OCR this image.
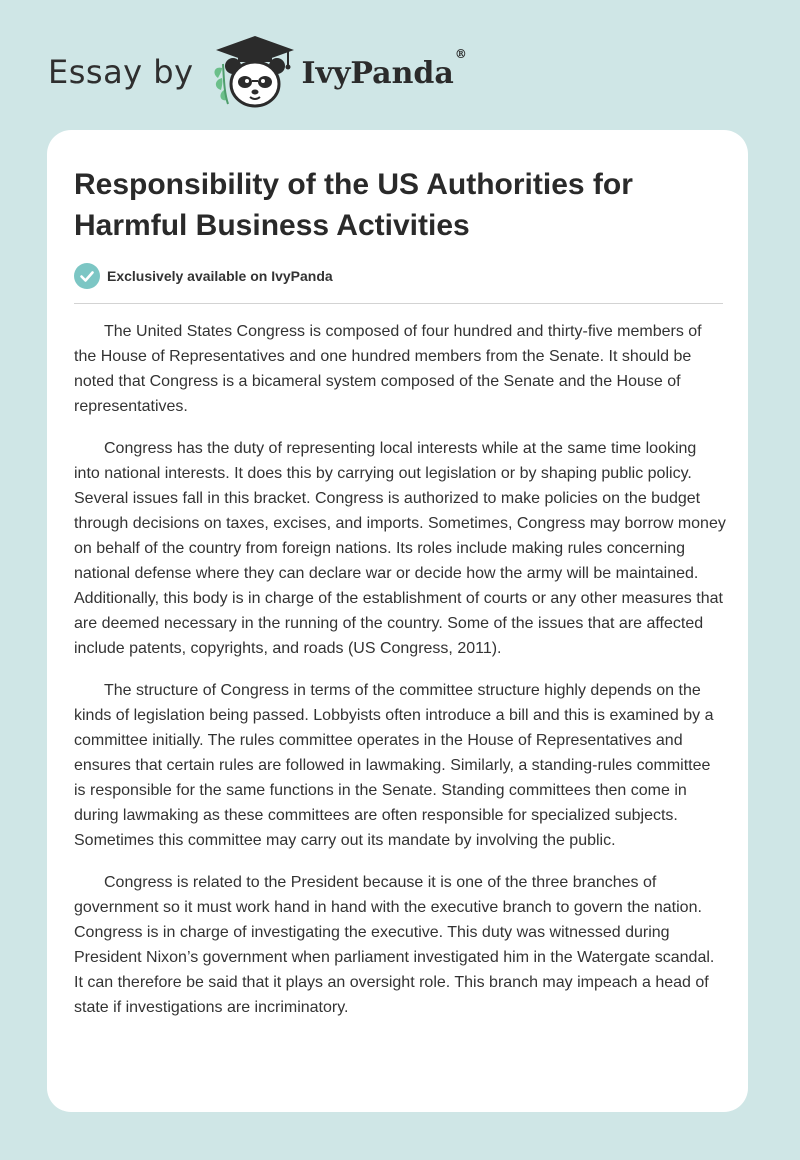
Essay by	IvyPanda®
Responsibility of the US Authorities for Harmful Business Activities
Exclusively available on IvyPanda

The United States Congress is composed of four hundred and thirty-five members of the House of Representatives and one hundred members from the Senate. It should be noted that Congress is a bicameral system composed of the Senate and the House of representatives.

Congress has the duty of representing local interests while at the same time looking into national interests. It does this by carrying out legislation or by shaping public policy. Several issues fall in this bracket. Congress is authorized to make policies on the budget through decisions on taxes, excises, and imports. Sometimes, Congress may borrow money on behalf of the country from foreign nations. Its roles include making rules concerning national defense where they can declare war or decide how the army will be maintained. Additionally, this body is in charge of the establishment of courts or any other measures that are deemed necessary in the running of the country. Some of the issues that are affected include patents, copyrights, and roads (US Congress, 2011).

The structure of Congress in terms of the committee structure highly depends on the kinds of legislation being passed. Lobbyists often introduce a bill and this is examined by a committee initially. The rules committee operates in the House of Representatives and ensures that certain rules are followed in lawmaking. Similarly, a standing-rules committee is responsible for the same functions in the Senate. Standing committees then come in during lawmaking as these committees are often responsible for specialized subjects. Sometimes this committee may carry out its mandate by involving the public.

Congress is related to the President because it is one of the three branches of government so it must work hand in hand with the executive branch to govern the nation. Congress is in charge of investigating the executive. This duty was witnessed during President Nixon’s government when parliament investigated him in the Watergate scandal. It can therefore be said that it plays an oversight role. This branch may impeach a head of state if investigations are incriminatory.
